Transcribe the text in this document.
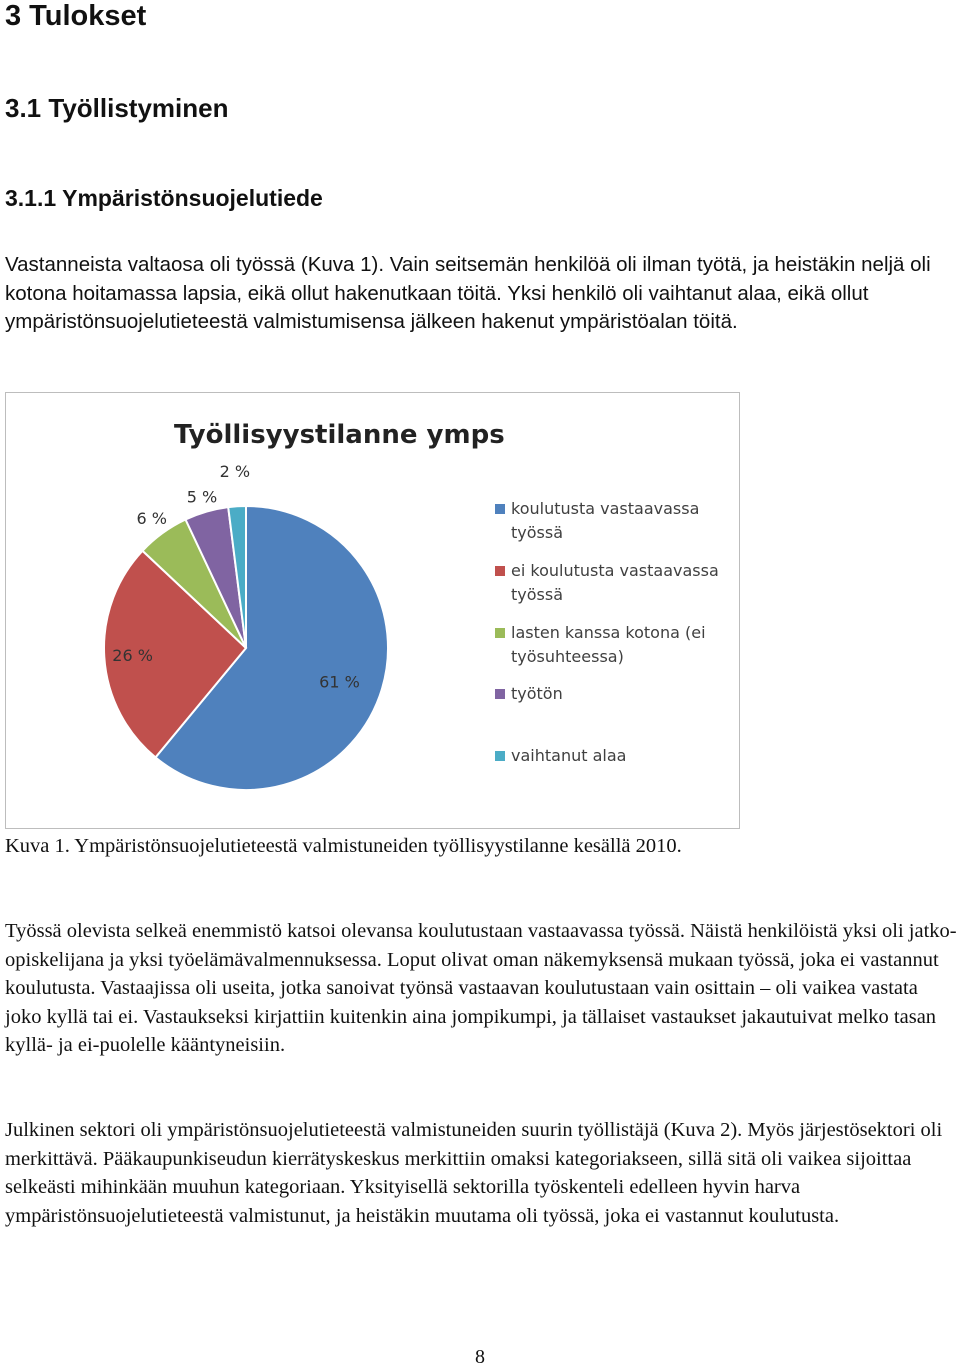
3 Tulokset
3.1 Työllistyminen
3.1.1 Ympäristönsuojelutiede

Vastanneista valtaosa oli työssä (Kuva 1). Vain seitsemän henkilöä oli ilman työtä, ja heistäkin neljä oli kotona hoitamassa lapsia, eikä ollut hakenutkaan töitä. Yksi henkilö oli vaihtanut alaa, eikä ollut ympäristönsuojelutieteestä valmistumisensa jälkeen hakenut ympäristöalan töitä.

Työllisyystilanne ymps
61 %
26 %
6 %
5 %
2 %
koulutusta vastaavassa
työssä
ei koulutusta vastaavassa
työssä
lasten kanssa kotona (ei
työsuhteessa)
työtön
vaihtanut alaa

Kuva 1. Ympäristönsuojelutieteestä valmistuneiden työllisyystilanne kesällä 2010.

Työssä olevista selkeä enemmistö katsoi olevansa koulutustaan vastaavassa työssä. Näistä henkilöistä yksi oli jatko-opiskelijana ja yksi työelämävalmennuksessa. Loput olivat oman näkemyksensä mukaan työssä, joka ei vastannut koulutusta. Vastaajissa oli useita, jotka sanoivat työnsä vastaavan koulutustaan vain osittain – oli vaikea vastata joko kyllä tai ei. Vastaukseksi kirjattiin kuitenkin aina jompikumpi, ja tällaiset vastaukset jakautuivat melko tasan kyllä- ja ei-puolelle kääntyneisiin.

Julkinen sektori oli ympäristönsuojelutieteestä valmistuneiden suurin työllistäjä (Kuva 2). Myös järjestösektori oli merkittävä. Pääkaupunkiseudun kierrätyskeskus merkittiin omaksi kategoriakseen, sillä sitä oli vaikea sijoittaa selkeästi mihinkään muuhun kategoriaan. Yksityisellä sektorilla työskenteli edelleen hyvin harva ympäristönsuojelutieteestä valmistunut, ja heistäkin muutama oli työssä, joka ei vastannut koulutusta.

8
